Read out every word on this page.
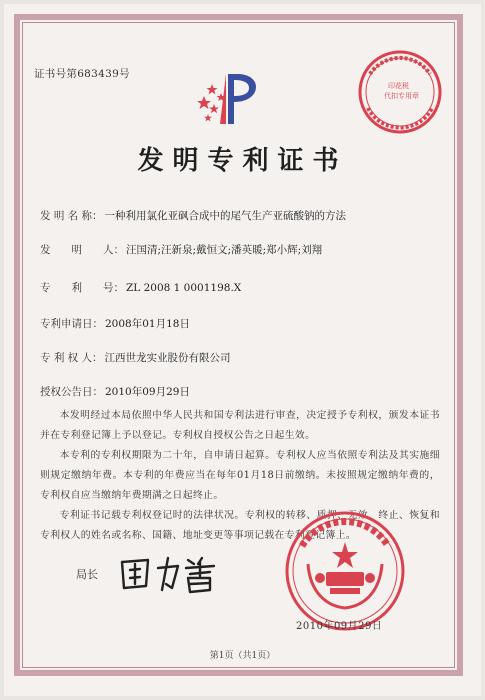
证书号第683439号
印花税
代扣专用章
发明专利证书
发 明 名 称： 一种利用氯化亚砜合成中的尾气生产亚硫酸钠的方法
发　　明　　人： 汪国清;汪新泉;戴恒文;潘英暖;郑小辉;刘翔
专　　利　　号： ZL 2008 1 0001198.X
专利申请日： 2008年01月18日
专 利 权 人： 江西世龙实业股份有限公司
授权公告日： 2010年09月29日

本发明经过本局依照中华人民共和国专利法进行审查，决定授予专利权，颁发本证书并在专利登记簿上予以登记。专利权自授权公告之日起生效。

本专利的专利权期限为二十年，自申请日起算。专利权人应当依照专利法及其实施细则规定缴纳年费。本专利的年费应当在每年01月18日前缴纳。未按照规定缴纳年费的，专利权自应当缴纳年费期满之日起终止。

专利证书记载专利权登记时的法律状况。专利权的转移、质押、无效、终止、恢复和专利权人的姓名或名称、国籍、地址变更等事项记载在专利登记簿上。

局长
2010年09月29日
第1页（共1页）
